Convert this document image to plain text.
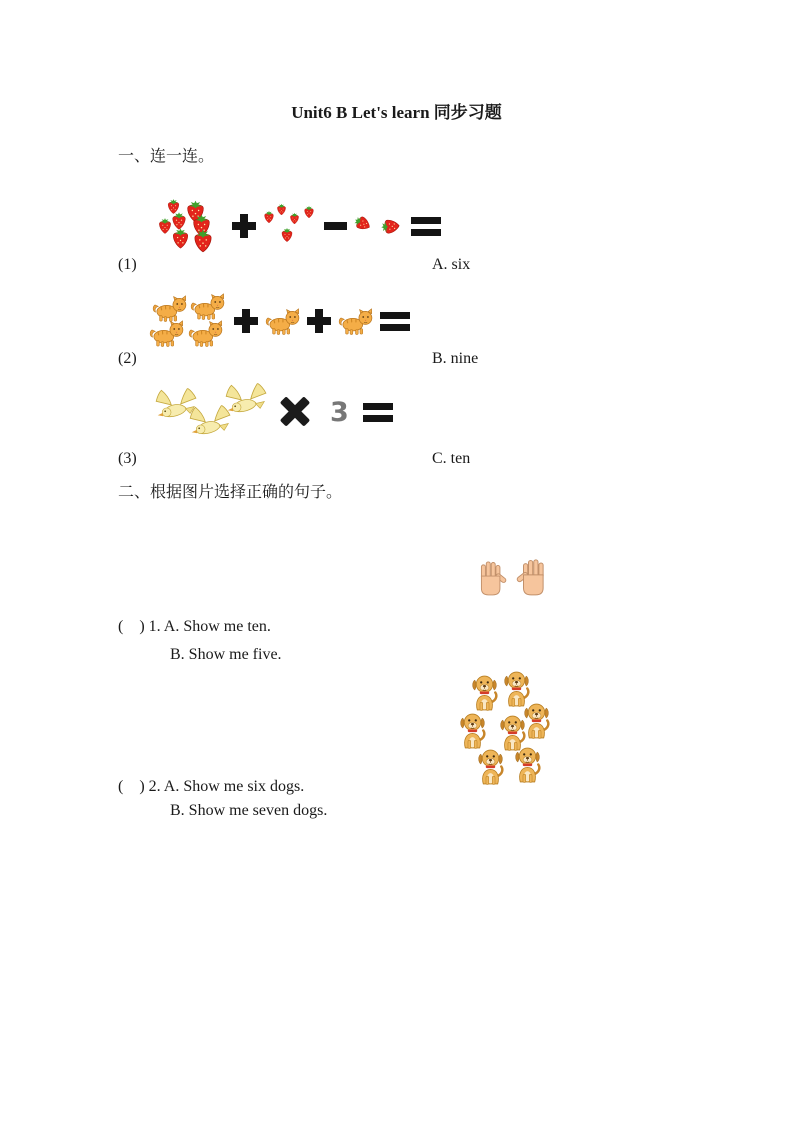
Unit6 B Let's learn 同步习题
一、连一连。
(1)	A. six
(2)	B. nine
3
(3)	C. ten
二、根据图片选择正确的句子。
(    ) 1. A. Show me ten.
B. Show me five.
(    ) 2. A. Show me six dogs.
B. Show me seven dogs.
